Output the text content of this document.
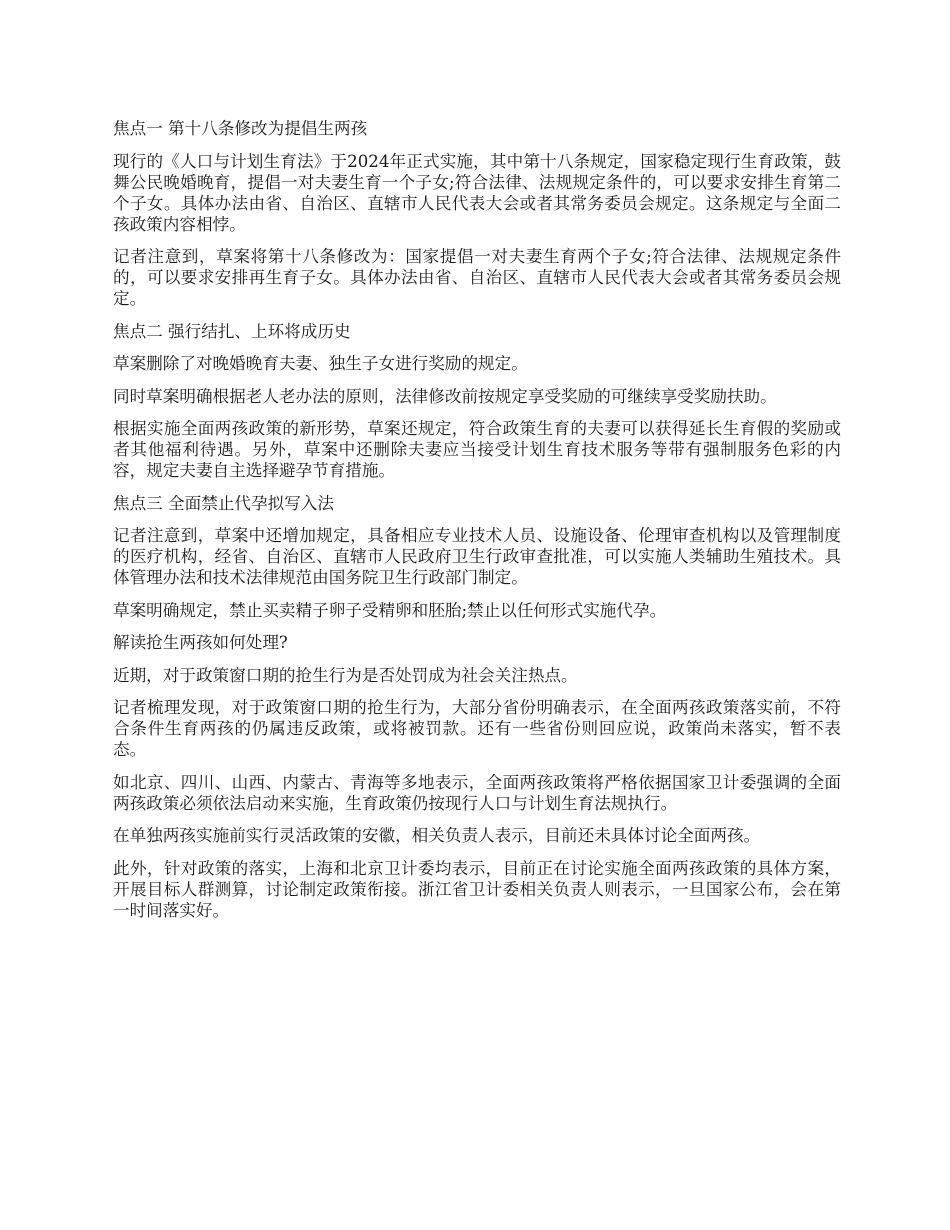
焦点一 第十八条修改为提倡生两孩

现行的《人口与计划生育法》于2024年正式实施，其中第十八条规定，国家稳定现行生育政策，鼓舞公民晚婚晚育，提倡一对夫妻生育一个子女;符合法律、法规规定条件的，可以要求安排生育第二个子女。具体办法由省、自治区、直辖市人民代表大会或者其常务委员会规定。这条规定与全面二孩政策内容相悖。

记者注意到，草案将第十八条修改为：国家提倡一对夫妻生育两个子女;符合法律、法规规定条件的，可以要求安排再生育子女。具体办法由省、自治区、直辖市人民代表大会或者其常务委员会规定。

焦点二 强行结扎、上环将成历史

草案删除了对晚婚晚育夫妻、独生子女进行奖励的规定。

同时草案明确根据老人老办法的原则，法律修改前按规定享受奖励的可继续享受奖励扶助。

根据实施全面两孩政策的新形势，草案还规定，符合政策生育的夫妻可以获得延长生育假的奖励或者其他福利待遇。另外，草案中还删除夫妻应当接受计划生育技术服务等带有强制服务色彩的内容，规定夫妻自主选择避孕节育措施。

焦点三 全面禁止代孕拟写入法

记者注意到，草案中还增加规定，具备相应专业技术人员、设施设备、伦理审查机构以及管理制度的医疗机构，经省、自治区、直辖市人民政府卫生行政审查批准，可以实施人类辅助生殖技术。具体管理办法和技术法律规范由国务院卫生行政部门制定。

草案明确规定，禁止买卖精子卵子受精卵和胚胎;禁止以任何形式实施代孕。

解读抢生两孩如何处理?

近期，对于政策窗口期的抢生行为是否处罚成为社会关注热点。

记者梳理发现，对于政策窗口期的抢生行为，大部分省份明确表示，在全面两孩政策落实前，不符合条件生育两孩的仍属违反政策，或将被罚款。还有一些省份则回应说，政策尚未落实，暂不表态。

如北京、四川、山西、内蒙古、青海等多地表示，全面两孩政策将严格依据国家卫计委强调的全面两孩政策必须依法启动来实施，生育政策仍按现行人口与计划生育法规执行。

在单独两孩实施前实行灵活政策的安徽，相关负责人表示，目前还未具体讨论全面两孩。

此外，针对政策的落实，上海和北京卫计委均表示，目前正在讨论实施全面两孩政策的具体方案，开展目标人群测算，讨论制定政策衔接。浙江省卫计委相关负责人则表示，一旦国家公布，会在第一时间落实好。
